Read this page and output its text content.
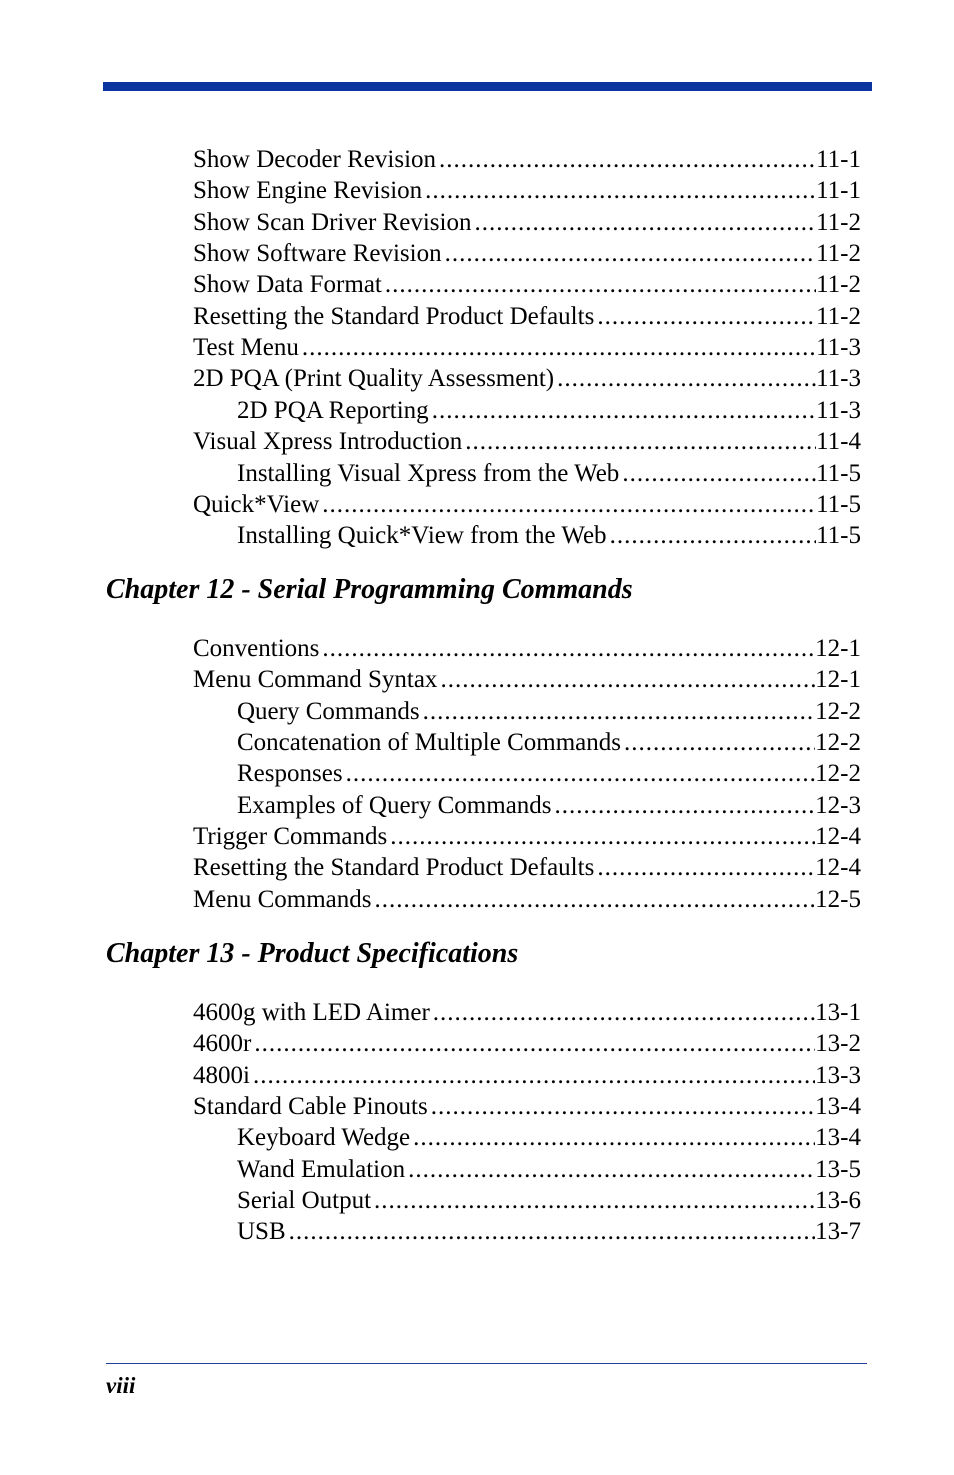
Show Decoder Revision .....	11-1
Show Engine Revision .....	11-1
Show Scan Driver Revision .....	11-2
Show Software Revision .....	11-2
Show Data Format .....	11-2
Resetting the Standard Product Defaults .....	11-2
Test Menu .....	11-3
2D PQA (Print Quality Assessment) .....	11-3
2D PQA Reporting .....	11-3
Visual Xpress Introduction .....	11-4
Installing Visual Xpress from the Web .....	11-5
Quick*View .....	11-5
Installing Quick*View from the Web .....	11-5
Chapter 12 - Serial Programming Commands
Conventions .....	12-1
Menu Command Syntax .....	12-1
Query Commands .....	12-2
Concatenation of Multiple Commands .....	12-2
Responses .....	12-2
Examples of Query Commands .....	12-3
Trigger Commands .....	12-4
Resetting the Standard Product Defaults .....	12-4
Menu Commands .....	12-5
Chapter 13 - Product Specifications
4600g with LED Aimer .....	13-1
4600r .....	13-2
4800i .....	13-3
Standard Cable Pinouts .....	13-4
Keyboard Wedge .....	13-4
Wand Emulation .....	13-5
Serial Output .....	13-6
USB .....	13-7
viii
